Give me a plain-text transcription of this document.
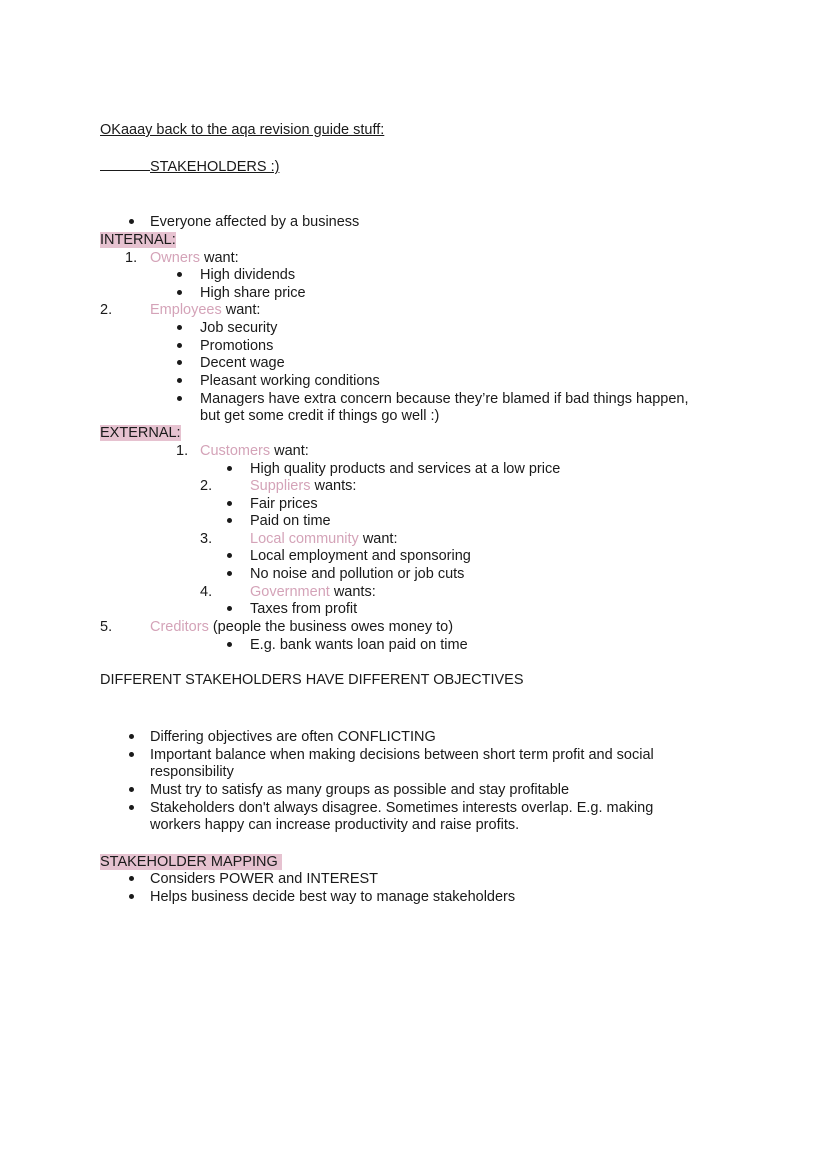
OKaaay back to the aqa revision guide stuff:
STAKEHOLDERS :)
Everyone affected by a business
INTERNAL:
1. Owners want:
High dividends
High share price
2.	Employees want:
Job security
Promotions
Decent wage
Pleasant working conditions
Managers have extra concern because they’re blamed if bad things happen,
but get some credit if things go well :)
EXTERNAL:
1. Customers want:
High quality products and services at a low price
2.	Suppliers wants:
Fair prices
Paid on time
3.	Local community want:
Local employment and sponsoring
No noise and pollution or job cuts
4.	Government wants:
Taxes from profit
5.	Creditors (people the business owes money to)
E.g. bank wants loan paid on time
DIFFERENT STAKEHOLDERS HAVE DIFFERENT OBJECTIVES
Differing objectives are often CONFLICTING
Important balance when making decisions between short term profit and social
responsibility
Must try to satisfy as many groups as possible and stay profitable
Stakeholders don't always disagree. Sometimes interests overlap. E.g. making
workers happy can increase productivity and raise profits.
STAKEHOLDER MAPPING
Considers POWER and INTEREST
Helps business decide best way to manage stakeholders
